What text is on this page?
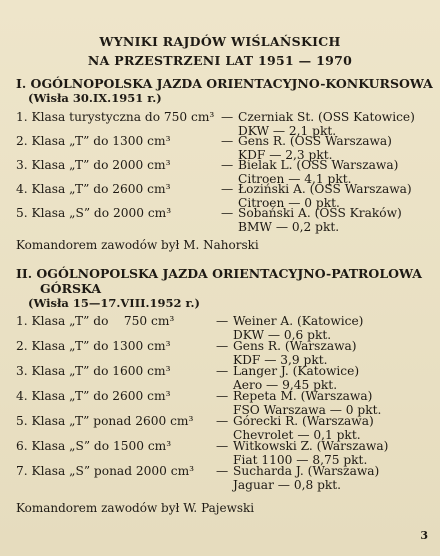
WYNIKI RAJDÓW WIŚLAŃSKICH
NA PRZESTRZENI LAT 1951 — 1970
I. OGÓLNOPOLSKA JAZDA ORIENTACYJNO-KONKURSOWA
(Wisła 30.IX.1951 r.)
1. Klasa turystyczna do 750 cm³ — Czerniak St. (OSS Katowice)
DKW — 2,1 pkt.
2. Klasa „T” do 1300 cm³	— Gens R. (OSS Warszawa)
KDF — 2,3 pkt.
3. Klasa „T” do 2000 cm³	— Bielak L. (OSS Warszawa)
Citroen — 4,1 pkt.
4. Klasa „T” do 2600 cm³	— Łoziński A. (OSS Warszawa)
Citroen — 0 pkt.
5. Klasa „S” do 2000 cm³	— Sobański A. (OSS Kraków)
BMW — 0,2 pkt.
Komandorem zawodów był M. Nahorski
II. OGÓLNOPOLSKA JAZDA ORIENTACYJNO-PATROLOWA
GÓRSKA
(Wisła 15—17.VIII.1952 r.)
1. Klasa „T” do    750 cm³	— Weiner A. (Katowice)
DKW — 0,6 pkt.
2. Klasa „T” do 1300 cm³	— Gens R. (Warszawa)
KDF — 3,9 pkt.
3. Klasa „T” do 1600 cm³	— Langer J. (Katowice)
Aero — 9,45 pkt.
4. Klasa „T” do 2600 cm³	— Repeta M. (Warszawa)
FSO Warszawa — 0 pkt.
5. Klasa „T” ponad 2600 cm³ — Górecki R. (Warszawa)
Chevrolet — 0,1 pkt.
6. Klasa „S” do 1500 cm³	— Witkowski Z. (Warszawa)
Fiat 1100 — 8,75 pkt.
7. Klasa „S” ponad 2000 cm³ — Sucharda J. (Warszawa)
Jaguar — 0,8 pkt.
Komandorem zawodów był W. Pajewski
3
